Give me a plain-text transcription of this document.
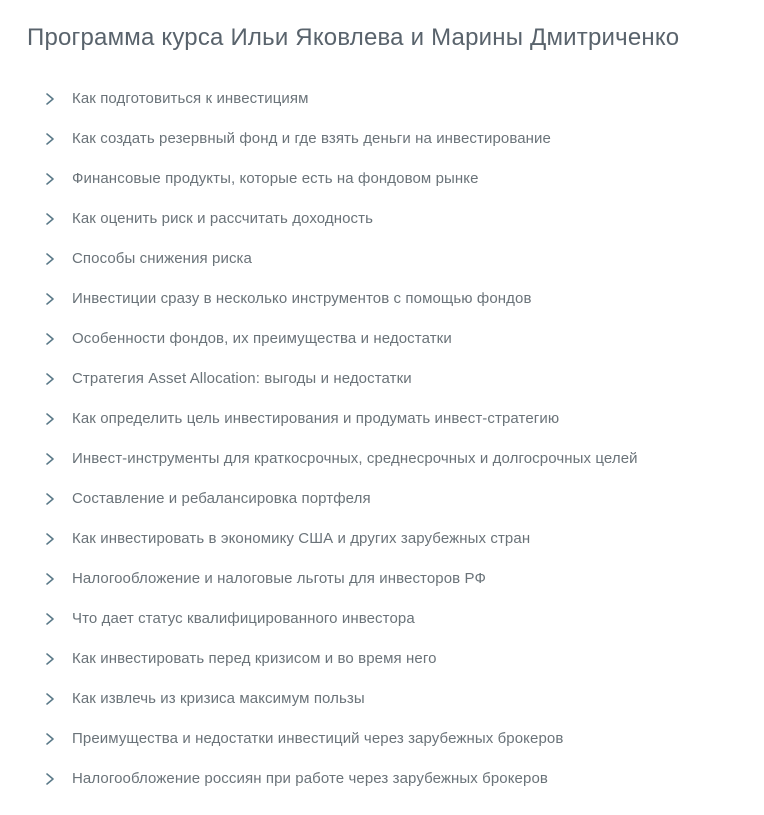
Программа курса Ильи Яковлева и Марины Дмитриченко
Как подготовиться к инвестициям
Как создать резервный фонд и где взять деньги на инвестирование
Финансовые продукты, которые есть на фондовом рынке
Как оценить риск и рассчитать доходность
Способы снижения риска
Инвестиции сразу в несколько инструментов с помощью фондов
Особенности фондов, их преимущества и недостатки
Стратегия Asset Allocation: выгоды и недостатки
Как определить цель инвестирования и продумать инвест-стратегию
Инвест-инструменты для краткосрочных, среднесрочных и долгосрочных целей
Составление и ребалансировка портфеля
Как инвестировать в экономику США и других зарубежных стран
Налогообложение и налоговые льготы для инвесторов РФ
Что дает статус квалифицированного инвестора
Как инвестировать перед кризисом и во время него
Как извлечь из кризиса максимум пользы
Преимущества и недостатки инвестиций через зарубежных брокеров
Налогообложение россиян при работе через зарубежных брокеров
